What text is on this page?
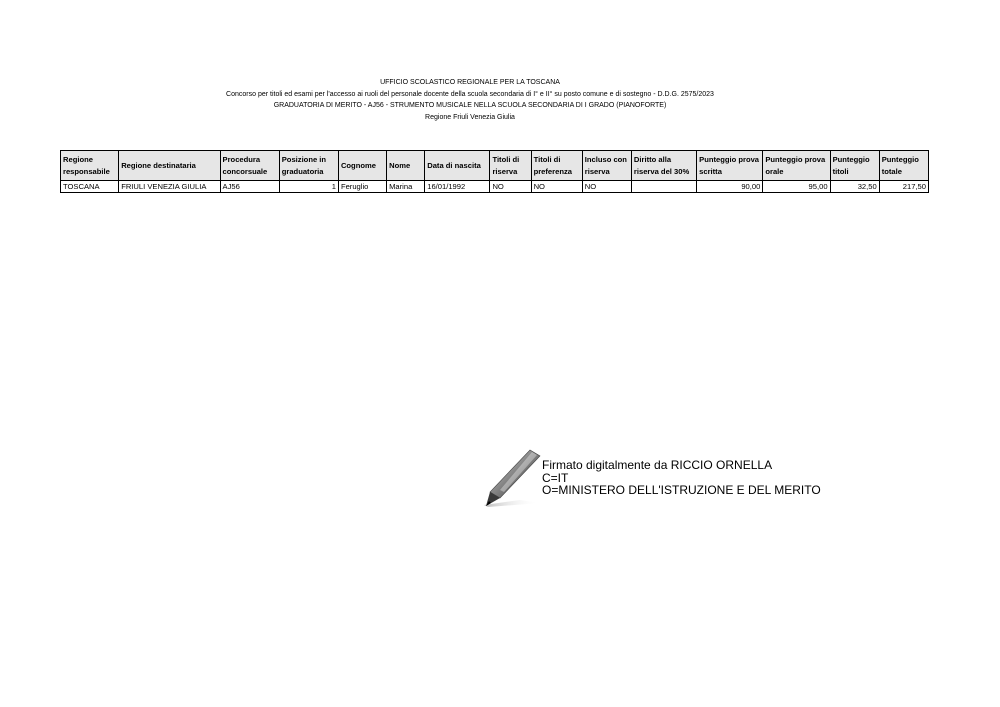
UFFICIO SCOLASTICO REGIONALE PER LA TOSCANA
Concorso per titoli ed esami per l'accesso ai ruoli del personale docente della scuola secondaria di I° e II° su posto comune e di sostegno - D.D.G. 2575/2023
GRADUATORIA DI MERITO - AJ56 - STRUMENTO MUSICALE NELLA SCUOLA SECONDARIA DI I GRADO (PIANOFORTE)
Regione Friuli Venezia Giulia
Regione responsabile	Regione destinataria	Procedura concorsuale	Posizione in graduatoria	Cognome	Nome	Data di nascita	Titoli di riserva	Titoli di preferenza	Incluso con riserva	Diritto alla riserva del 30%	Punteggio prova scritta	Punteggio prova orale	Punteggio titoli	Punteggio totale
TOSCANA	FRIULI VENEZIA GIULIA	AJ56	1	Feruglio	Marina	16/01/1992	NO	NO	NO		90,00	95,00	32,50	217,50
Firmato digitalmente da RICCIO ORNELLA
C=IT
O=MINISTERO DELL'ISTRUZIONE E DEL MERITO
